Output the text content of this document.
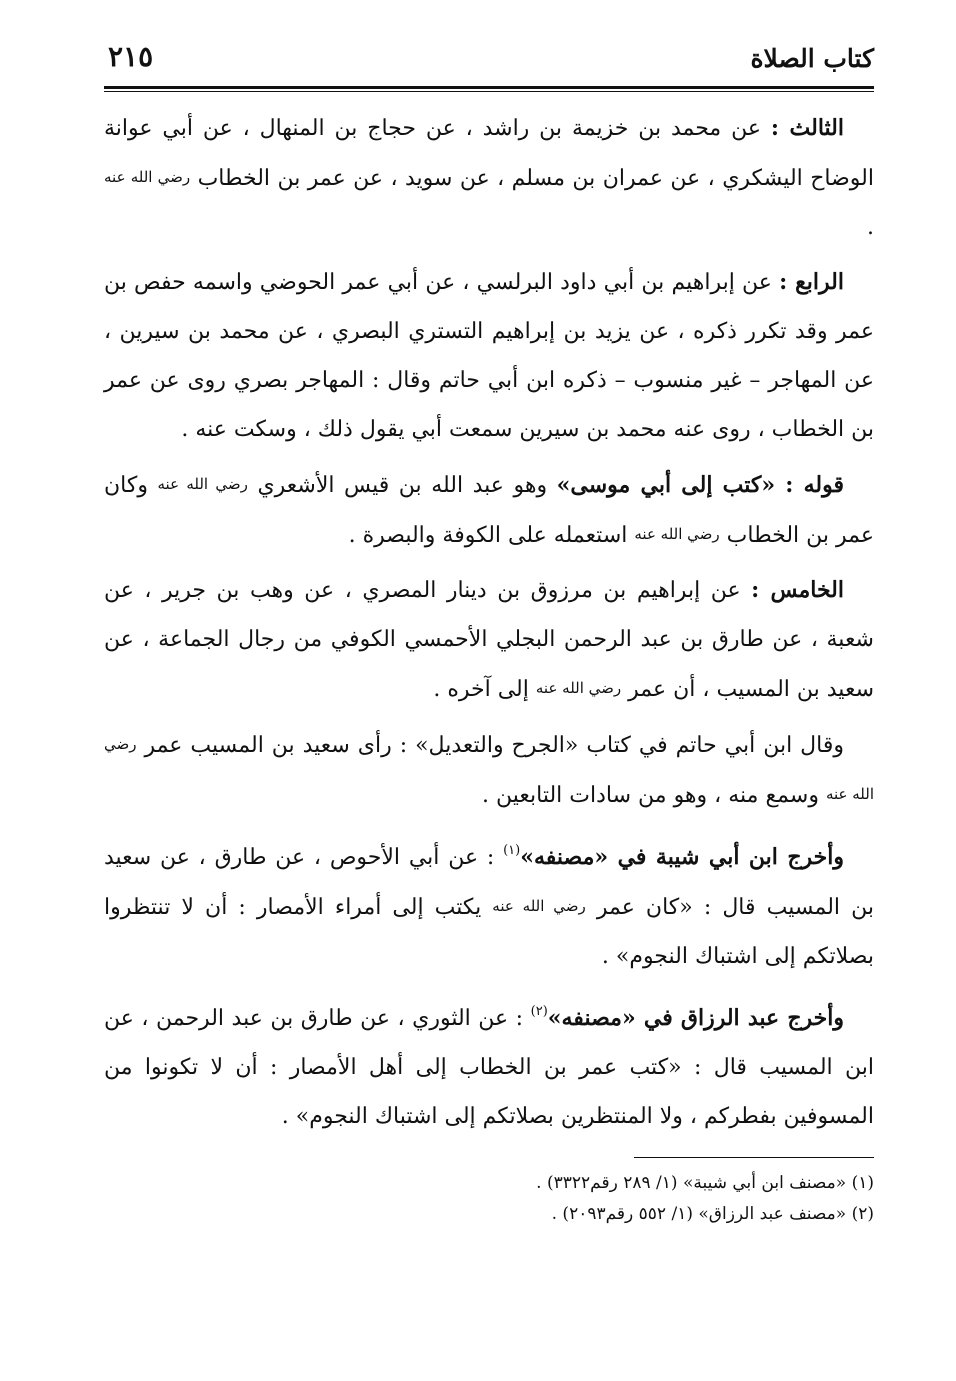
كتاب الصلاة
٢١٥

الثالث : عن محمد بن خزيمة بن راشد ، عن حجاج بن المنهال ، عن أبي عوانة الوضاح اليشكري ، عن عمران بن مسلم ، عن سويد ، عن عمر بن الخطاب رضي الله عنه .

الرابع : عن إبراهيم بن أبي داود البرلسي ، عن أبي عمر الحوضي واسمه حفص بن عمر وقد تكرر ذكره ، عن يزيد بن إبراهيم التستري البصري ، عن محمد بن سيرين ، عن المهاجر – غير منسوب – ذكره ابن أبي حاتم وقال : المهاجر بصري روى عن عمر بن الخطاب ، روى عنه محمد بن سيرين سمعت أبي يقول ذلك ، وسكت عنه .

قوله : «كتب إلى أبي موسى» وهو عبد الله بن قيس الأشعري رضي الله عنه وكان عمر بن الخطاب رضي الله عنه استعمله على الكوفة والبصرة .

الخامس : عن إبراهيم بن مرزوق بن دينار المصري ، عن وهب بن جرير ، عن شعبة ، عن طارق بن عبد الرحمن البجلي الأحمسي الكوفي من رجال الجماعة ، عن سعيد بن المسيب ، أن عمر رضي الله عنه إلى آخره .

وقال ابن أبي حاتم في كتاب «الجرح والتعديل» : رأى سعيد بن المسيب عمر رضي الله عنه وسمع منه ، وهو من سادات التابعين .

وأخرج ابن أبي شيبة في «مصنفه»$^{(١)}$ : عن أبي الأحوص ، عن طارق ، عن سعيد بن المسيب قال : «كان عمر رضي الله عنه يكتب إلى أمراء الأمصار : أن لا تنتظروا بصلاتكم إلى اشتباك النجوم» .

وأخرج عبد الرزاق في «مصنفه»$^{(٢)}$ : عن الثوري ، عن طارق بن عبد الرحمن ، عن ابن المسيب قال : «كتب عمر بن الخطاب إلى أهل الأمصار : أن لا تكونوا من المسوفين بفطركم ، ولا المنتظرين بصلاتكم إلى اشتباك النجوم» .

(١) «مصنف ابن أبي شيبة» (١/ ٢٨٩ رقم٣٣٢٢) .

(٢) «مصنف عبد الرزاق» (١/ ٥٥٢ رقم٢٠٩٣) .
